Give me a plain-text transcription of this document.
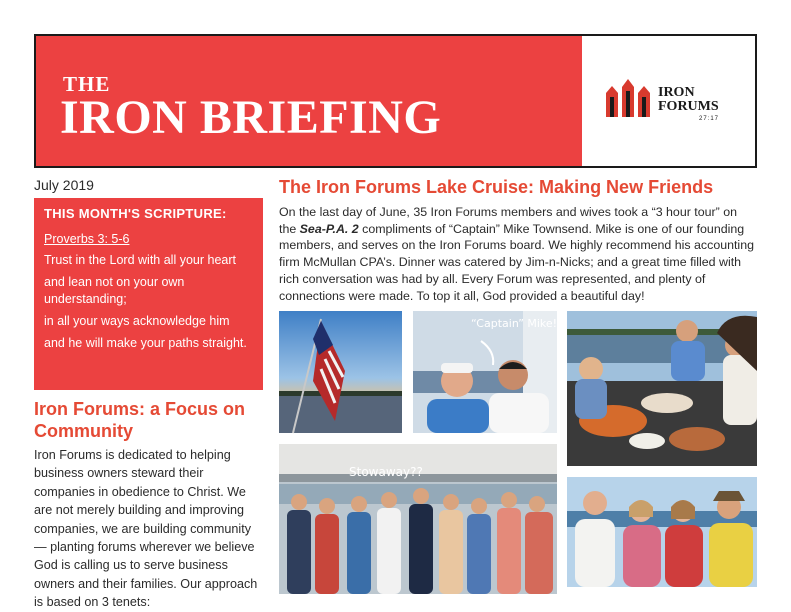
THE
IRON BRIEFING	IRON
FORUMS
27:17
July 2019
THIS MONTH'S SCRIPTURE:
Proverbs 3: 5-6

Trust in the Lord with all your heart

and lean not on your own understanding;

in all your ways acknowledge him

and he will make your paths straight.

Iron Forums: a Focus on Community

Iron Forums is dedicated to helping business owners steward their companies in obedience to Christ. We are not merely building and improving companies, we are building community — planting forums wherever we believe God is calling us to serve business owners and their families. Our approach is based on 3 tenets:

The Iron Forums Lake Cruise: Making New Friends

On the last day of June, 35 Iron Forums members and wives took a “3 hour tour” on the Sea-P.A. 2 compliments of “Captain” Mike Townsend. Mike is one of our founding members, and serves on the Iron Forums board. We highly recommend his accounting firm McMullan CPA’s. Dinner was catered by Jim-n-Nicks; and a great time filled with rich conversation was had by all. Every Forum was represented, and plenty of connections were made. To top it all, God provided a beautiful day!

“Captain” Mike!
Stowaway??
